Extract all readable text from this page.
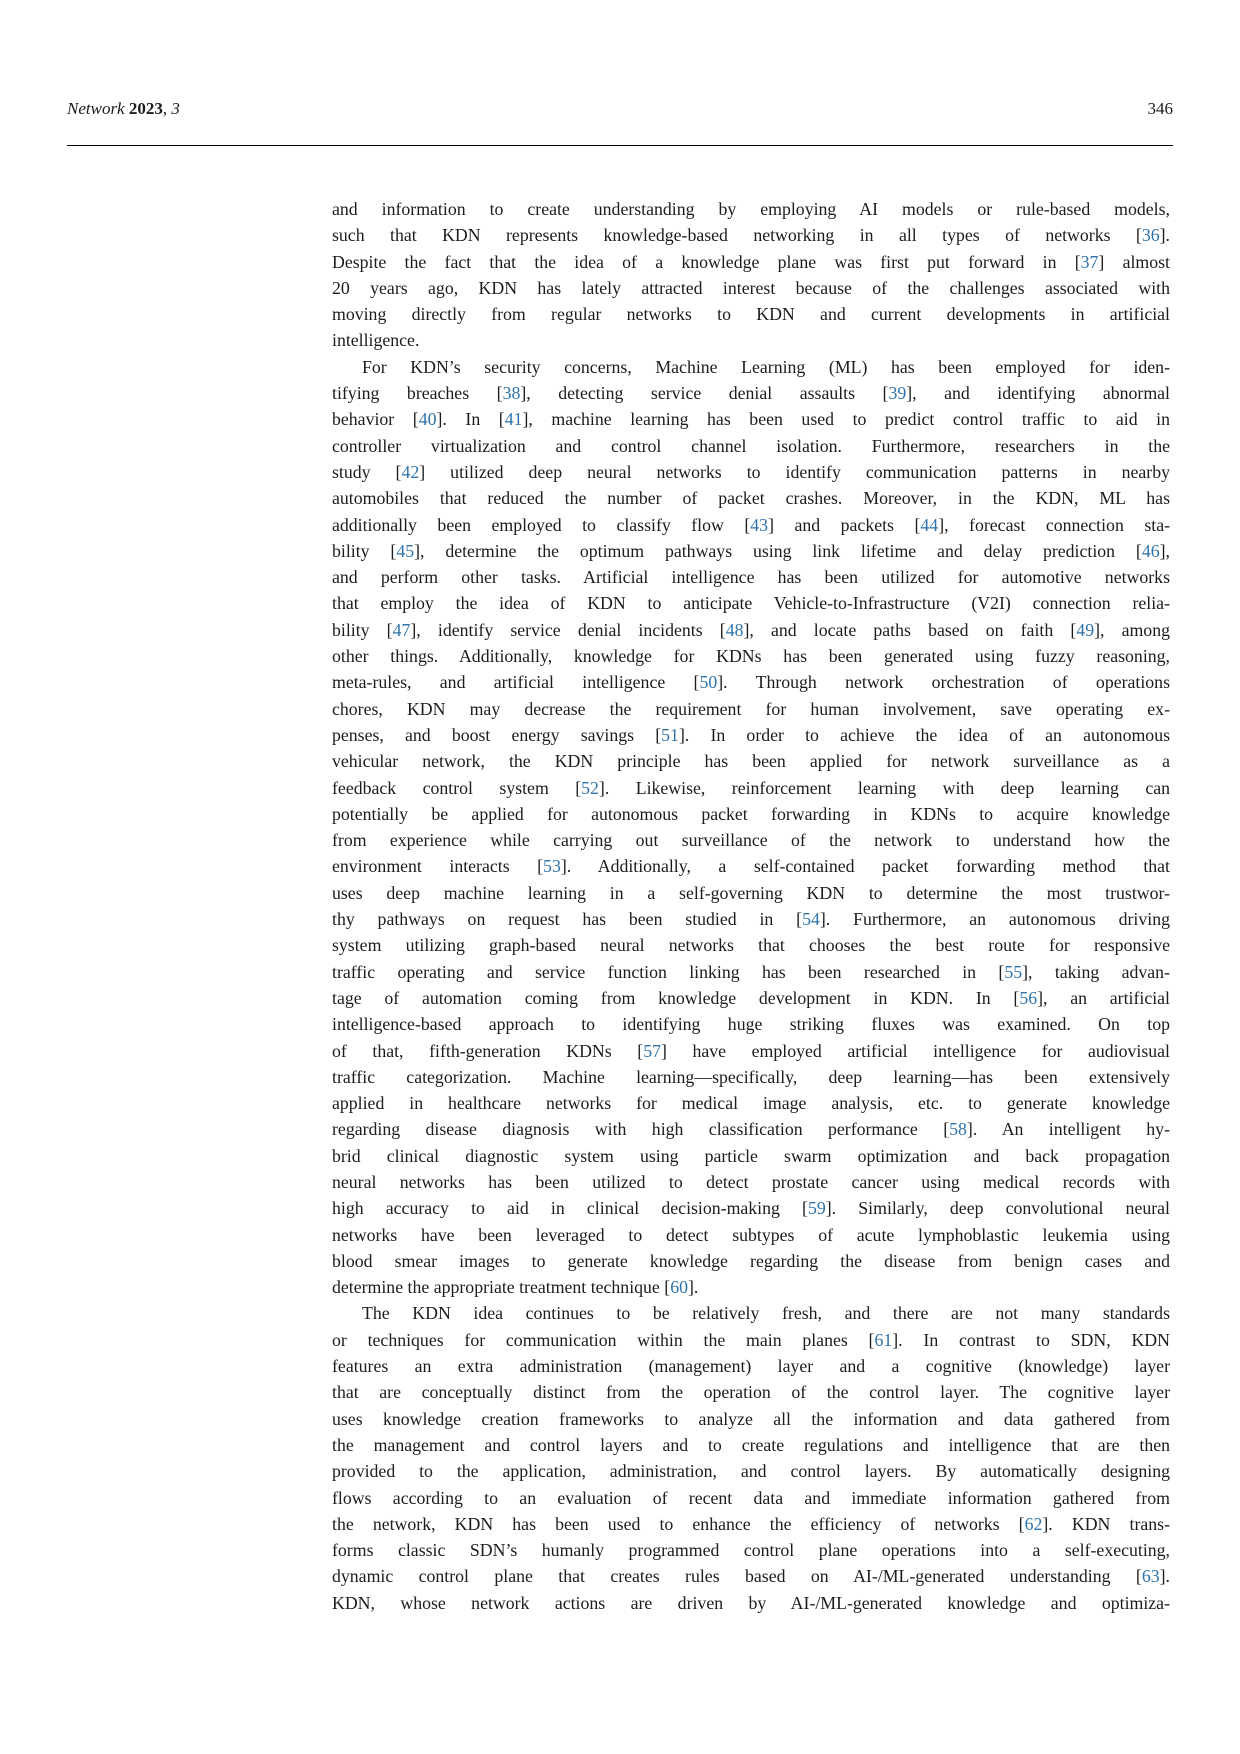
Network 2023, 3	346
and information to create understanding by employing AI models or rule-based models,
such that KDN represents knowledge-based networking in all types of networks [36].
Despite the fact that the idea of a knowledge plane was first put forward in [37] almost
20 years ago, KDN has lately attracted interest because of the challenges associated with
moving directly from regular networks to KDN and current developments in artificial
intelligence.
For KDN’s security concerns, Machine Learning (ML) has been employed for iden-
tifying breaches [38], detecting service denial assaults [39], and identifying abnormal
behavior [40]. In [41], machine learning has been used to predict control traffic to aid in
controller virtualization and control channel isolation. Furthermore, researchers in the
study [42] utilized deep neural networks to identify communication patterns in nearby
automobiles that reduced the number of packet crashes. Moreover, in the KDN, ML has
additionally been employed to classify flow [43] and packets [44], forecast connection sta-
bility [45], determine the optimum pathways using link lifetime and delay prediction [46],
and perform other tasks. Artificial intelligence has been utilized for automotive networks
that employ the idea of KDN to anticipate Vehicle-to-Infrastructure (V2I) connection relia-
bility [47], identify service denial incidents [48], and locate paths based on faith [49], among
other things. Additionally, knowledge for KDNs has been generated using fuzzy reasoning,
meta-rules, and artificial intelligence [50]. Through network orchestration of operations
chores, KDN may decrease the requirement for human involvement, save operating ex-
penses, and boost energy savings [51]. In order to achieve the idea of an autonomous
vehicular network, the KDN principle has been applied for network surveillance as a
feedback control system [52]. Likewise, reinforcement learning with deep learning can
potentially be applied for autonomous packet forwarding in KDNs to acquire knowledge
from experience while carrying out surveillance of the network to understand how the
environment interacts [53]. Additionally, a self-contained packet forwarding method that
uses deep machine learning in a self-governing KDN to determine the most trustwor-
thy pathways on request has been studied in [54]. Furthermore, an autonomous driving
system utilizing graph-based neural networks that chooses the best route for responsive
traffic operating and service function linking has been researched in [55], taking advan-
tage of automation coming from knowledge development in KDN. In [56], an artificial
intelligence-based approach to identifying huge striking fluxes was examined. On top
of that, fifth-generation KDNs [57] have employed artificial intelligence for audiovisual
traffic categorization. Machine learning—specifically, deep learning—has been extensively
applied in healthcare networks for medical image analysis, etc. to generate knowledge
regarding disease diagnosis with high classification performance [58]. An intelligent hy-
brid clinical diagnostic system using particle swarm optimization and back propagation
neural networks has been utilized to detect prostate cancer using medical records with
high accuracy to aid in clinical decision-making [59]. Similarly, deep convolutional neural
networks have been leveraged to detect subtypes of acute lymphoblastic leukemia using
blood smear images to generate knowledge regarding the disease from benign cases and
determine the appropriate treatment technique [60].
The KDN idea continues to be relatively fresh, and there are not many standards
or techniques for communication within the main planes [61]. In contrast to SDN, KDN
features an extra administration (management) layer and a cognitive (knowledge) layer
that are conceptually distinct from the operation of the control layer. The cognitive layer
uses knowledge creation frameworks to analyze all the information and data gathered from
the management and control layers and to create regulations and intelligence that are then
provided to the application, administration, and control layers. By automatically designing
flows according to an evaluation of recent data and immediate information gathered from
the network, KDN has been used to enhance the efficiency of networks [62]. KDN trans-
forms classic SDN’s humanly programmed control plane operations into a self-executing,
dynamic control plane that creates rules based on AI-/ML-generated understanding [63].
KDN, whose network actions are driven by AI-/ML-generated knowledge and optimiza-
